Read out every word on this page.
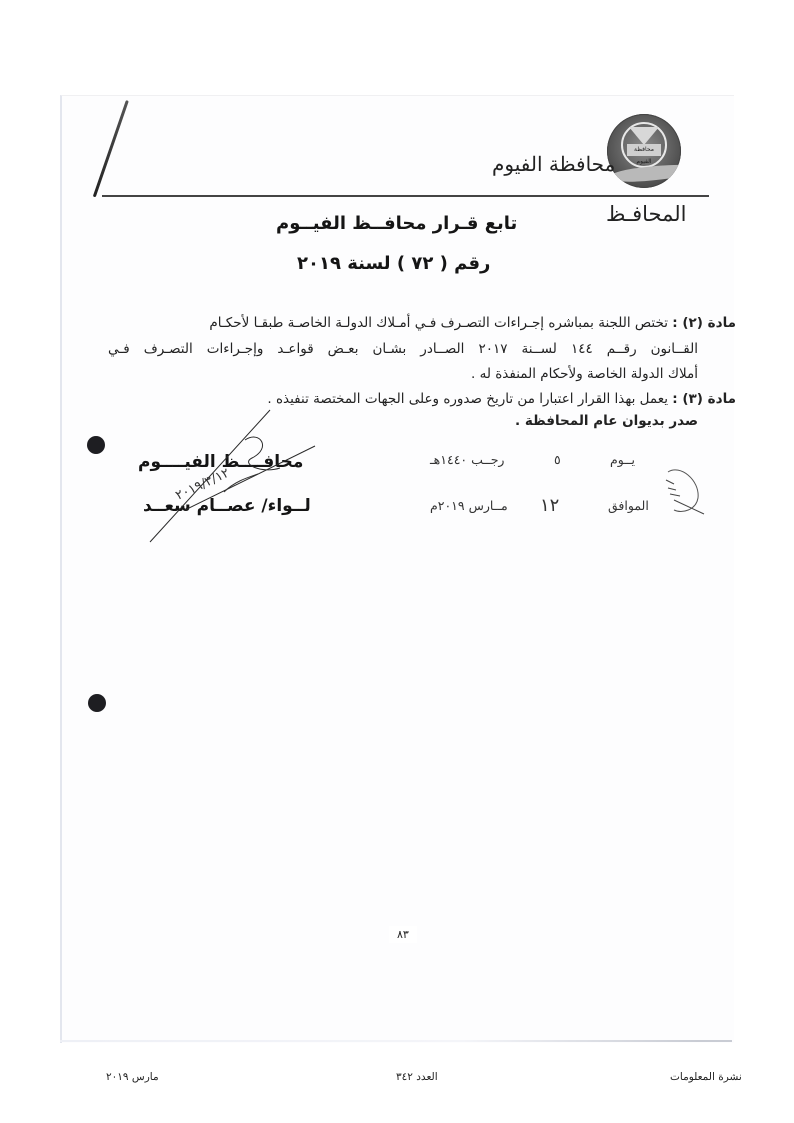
محافظة الفيوم
محافظة الفيوم
المحافـظ
تابع قـرار محافــظ الفيــوم
رقم ( ٧٢ ) لسنة ٢٠١٩
مادة (٢) : تختص اللجنة بمباشره إجـراءات التصـرف فـي أمـلاك الدولـة الخاصـة طبقـا لأحكـام
القــانون رقــم ١٤٤ لســنة ٢٠١٧ الصــادر بشـان بعـض قواعـد وإجـراءات التصـرف فـي
أملاك الدولة الخاصة ولأحكام المنفذة له .
مادة (٣) : يعمل بهذا القرار اعتبارا من تاريخ صدوره وعلى الجهات المختصة تنفيذه .
صدر بديوان عام المحافظة .
يــوم
٥
رجــب ١٤٤٠هـ
الموافق
١٢
مــارس ٢٠١٩م
محافــــظ الفيــــوم
لــواء/ عصــام سعــد
٢٠١٩/٣/١٢
٨٣
مارس ٢٠١٩	العدد ٣٤٢	نشرة المعلومات
